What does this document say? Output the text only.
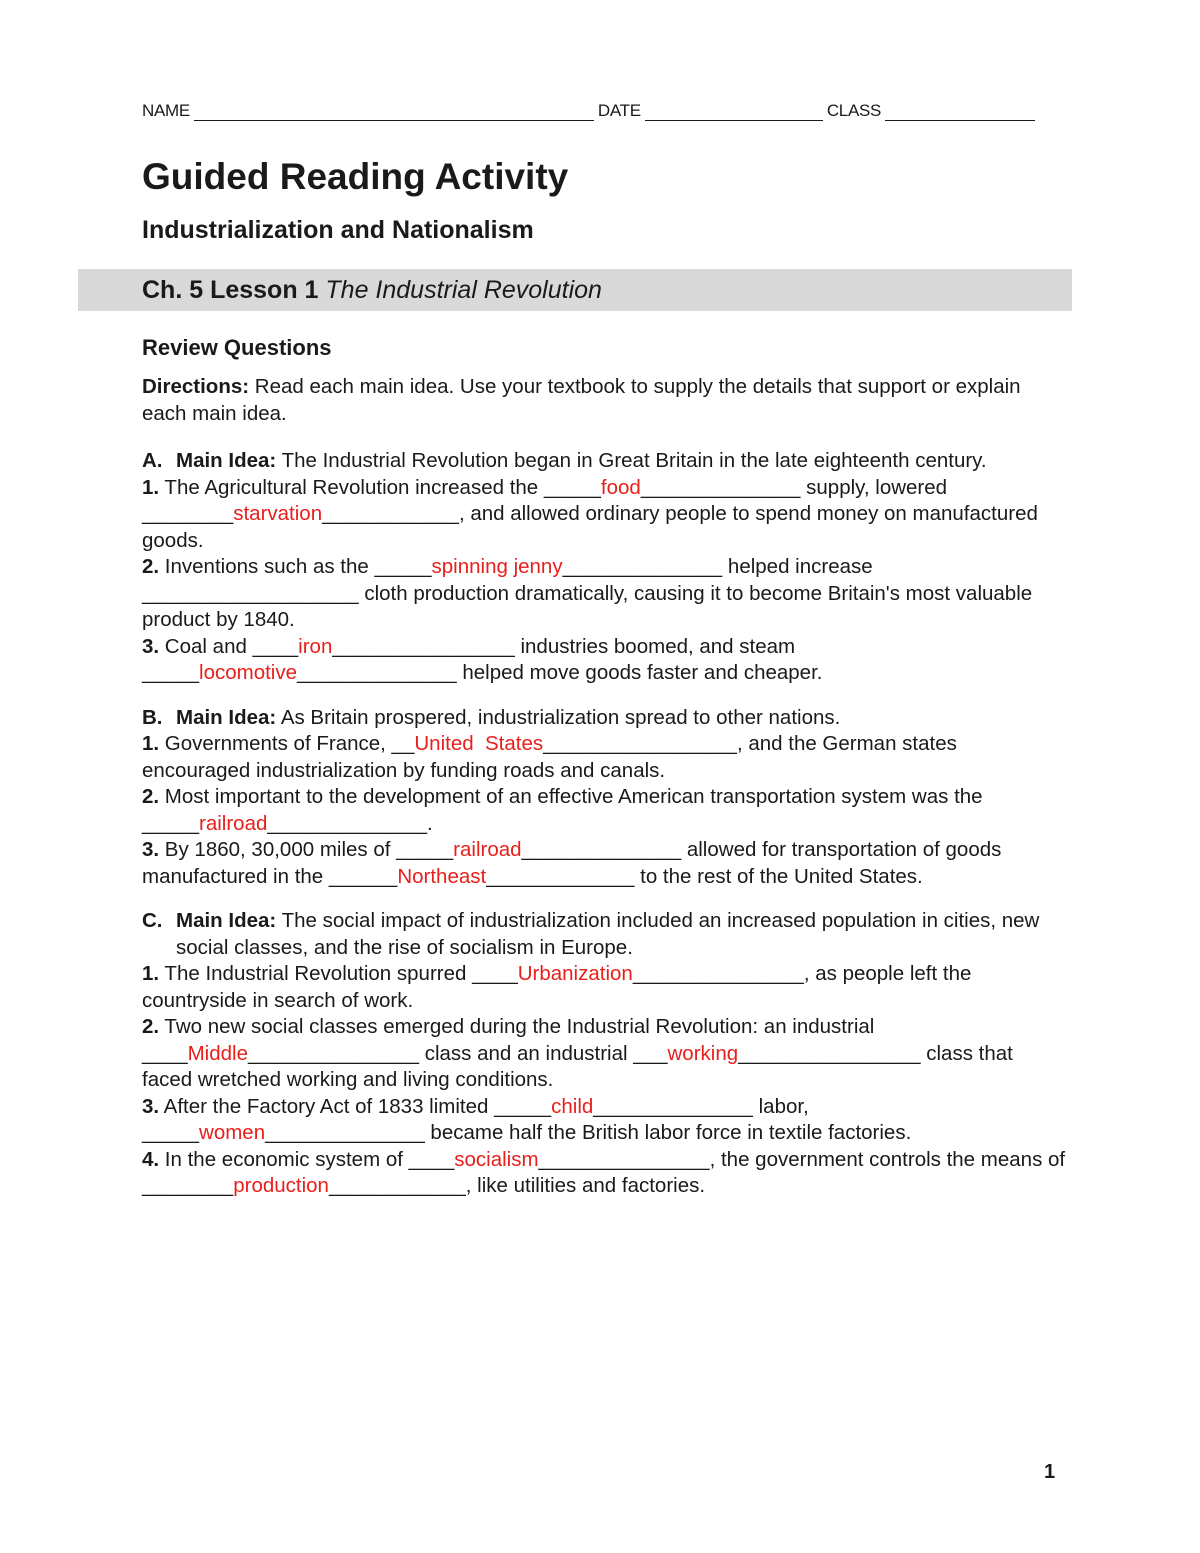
NAME	DATE	CLASS
Guided Reading Activity
Industrialization and Nationalism
Ch. 5 Lesson 1 The Industrial Revolution
Review Questions

Directions: Read each main idea. Use your textbook to supply the details that support or explain each main idea.

A. Main Idea: The Industrial Revolution began in Great Britain in the late eighteenth century.

1. The Agricultural Revolution increased the _____food______________ supply, lowered ________starvation____________, and allowed ordinary people to spend money on manufactured goods.

2. Inventions such as the _____spinning jenny______________ helped increase ___________________ cloth production dramatically, causing it to become Britain's most valuable product by 1840.

3. Coal and ____iron________________ industries boomed, and steam _____locomotive______________ helped move goods faster and cheaper.

B. Main Idea: As Britain prospered, industrialization spread to other nations.

1. Governments of France, __United  States_________________, and the German states encouraged industrialization by funding roads and canals.

2. Most important to the development of an effective American transportation system was the _____railroad______________.

3. By 1860, 30,000 miles of _____railroad______________ allowed for transportation of goods manufactured in the ______Northeast_____________ to the rest of the United States.

C. Main Idea: The social impact of industrialization included an increased population in cities, new social classes, and the rise of socialism in Europe.

1. The Industrial Revolution spurred ____Urbanization_______________, as people left the countryside in search of work.

2. Two new social classes emerged during the Industrial Revolution: an industrial ____Middle_______________ class and an industrial ___working________________ class that faced wretched working and living conditions.

3. After the Factory Act of 1833 limited _____child______________ labor, _____women______________ became half the British labor force in textile factories.

4. In the economic system of ____socialism_______________, the government controls the means of ________production____________, like utilities and factories.

1
